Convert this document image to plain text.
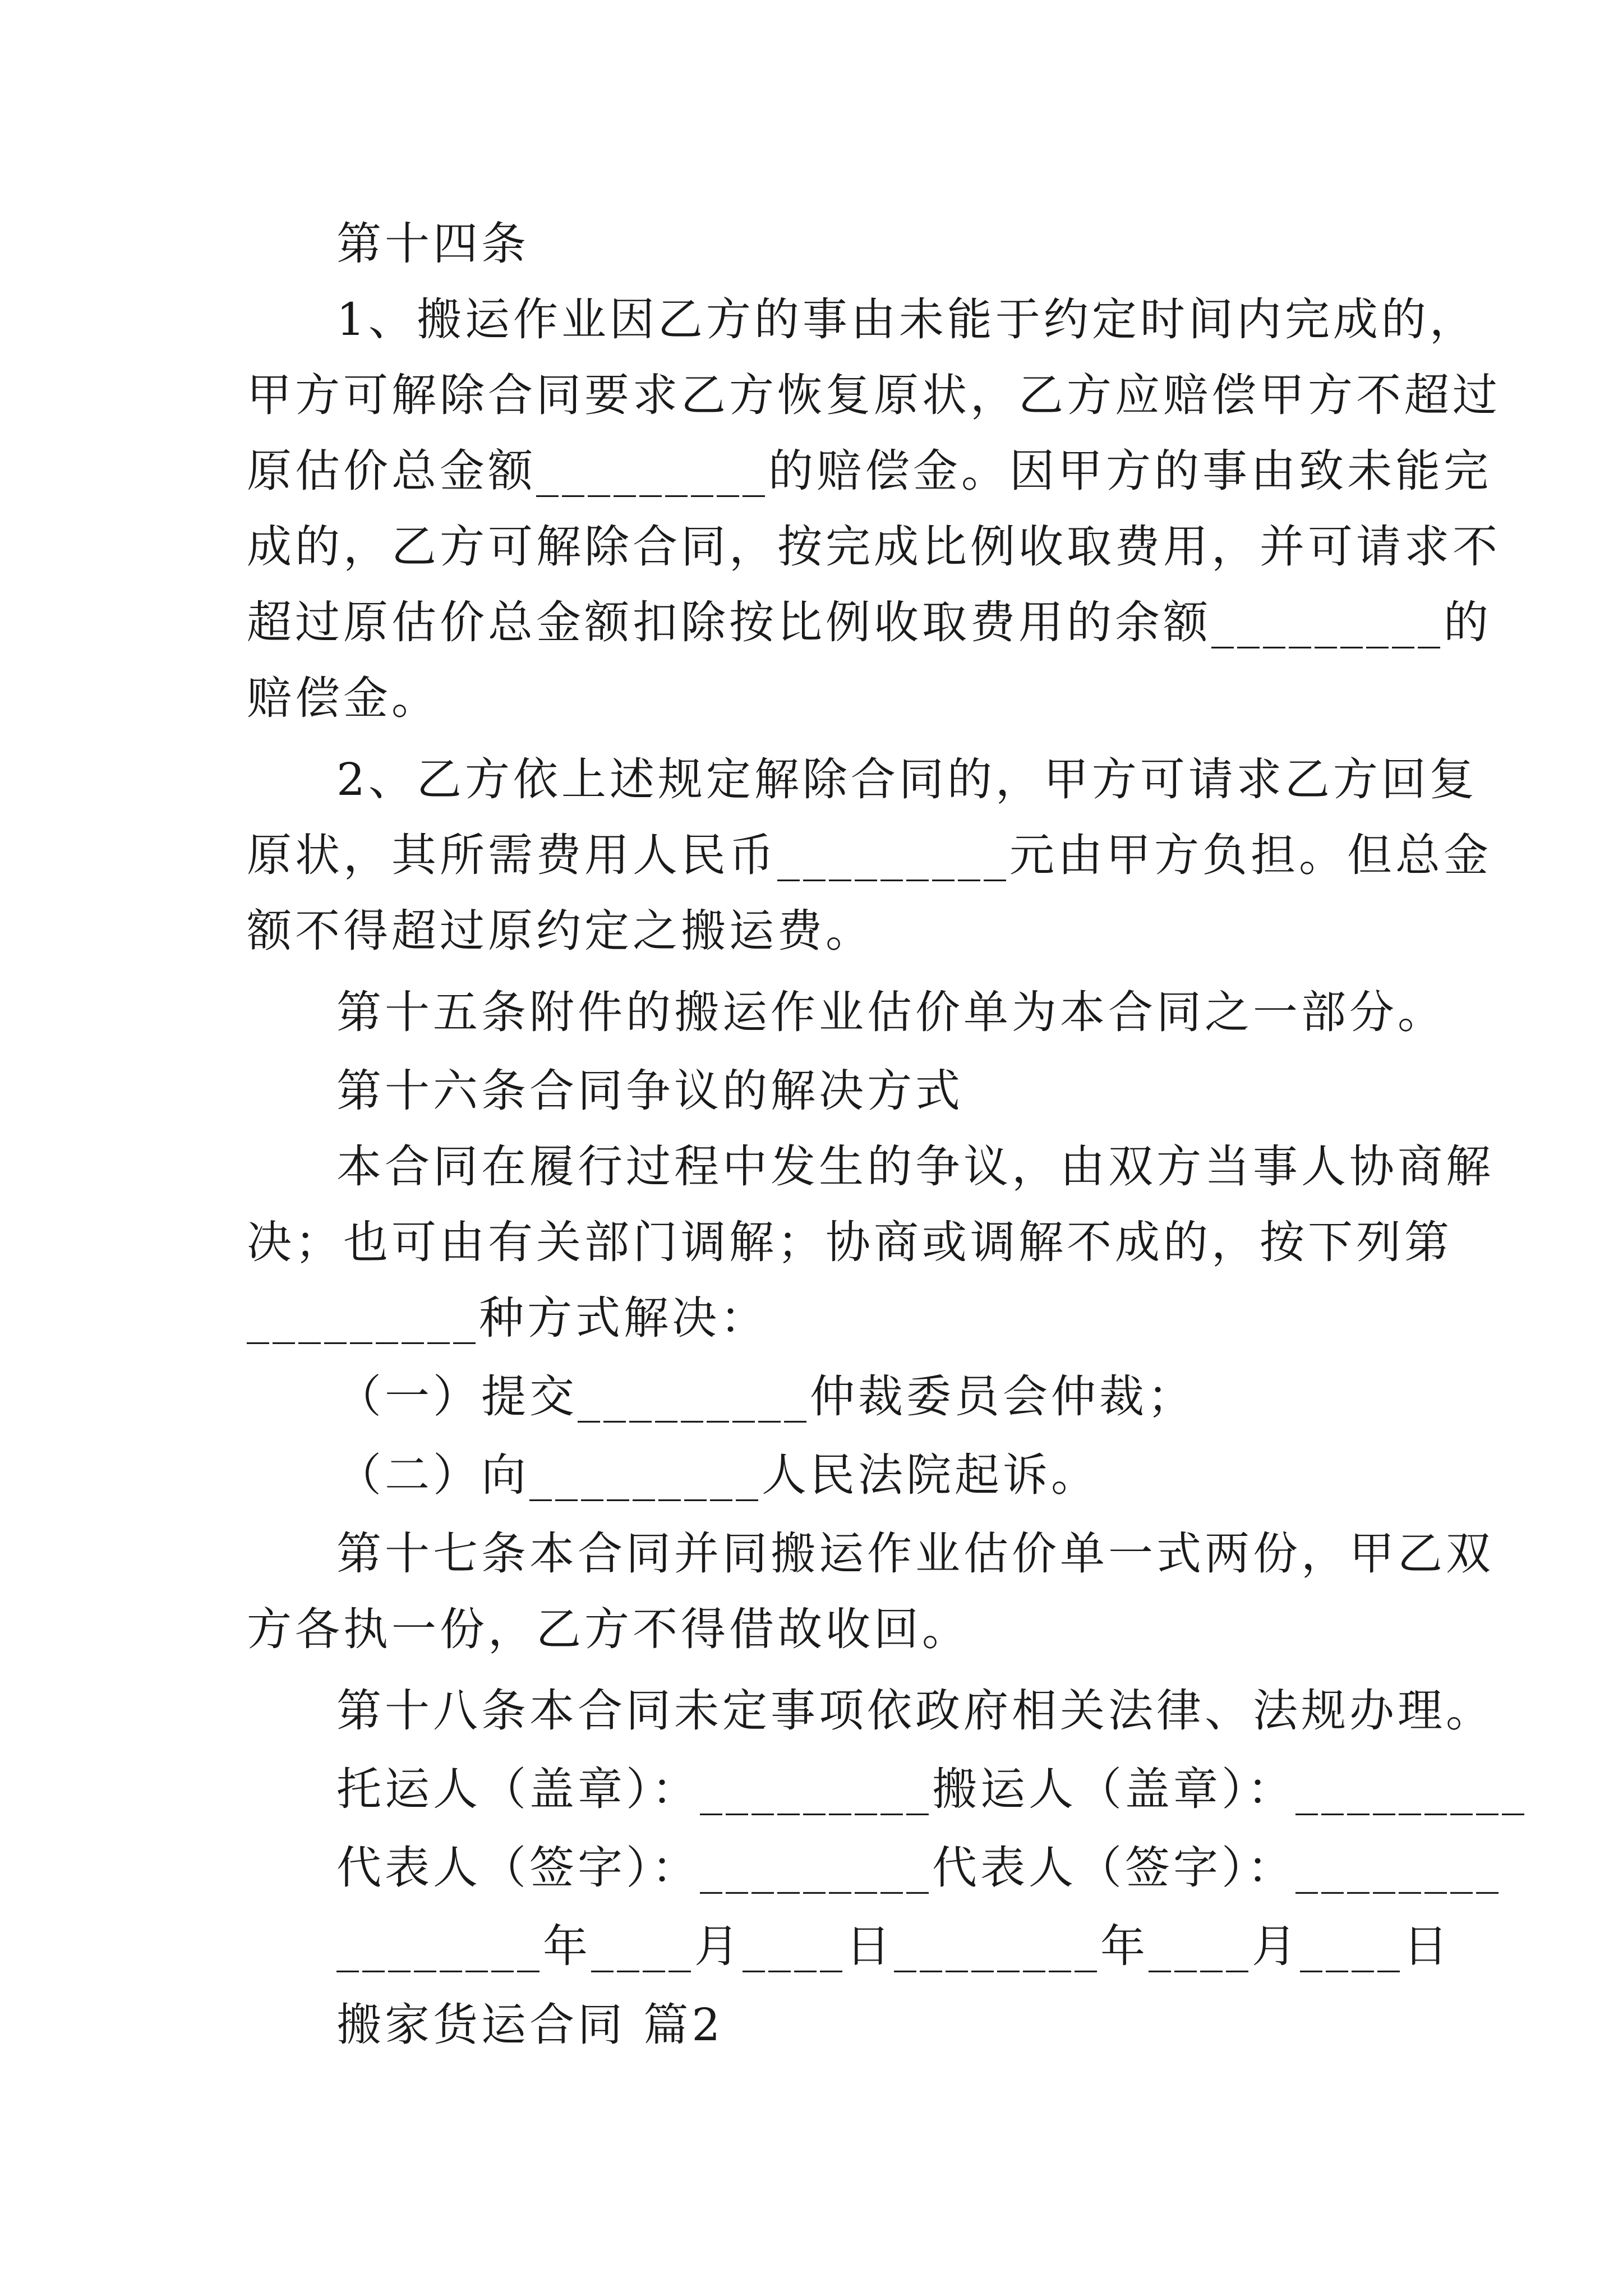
第十四条

1、搬运作业因乙方的事由未能于约定时间内完成的，

甲方可解除合同要求乙方恢复原状，乙方应赔偿甲方不超过

原估价总金额_________的赔偿金。因甲方的事由致未能完

成的，乙方可解除合同，按完成比例收取费用，并可请求不

超过原估价总金额扣除按比例收取费用的余额_________的

赔偿金。

2、乙方依上述规定解除合同的，甲方可请求乙方回复

原状，其所需费用人民币_________元由甲方负担。但总金

额不得超过原约定之搬运费。

第十五条附件的搬运作业估价单为本合同之一部分。

第十六条合同争议的解决方式

本合同在履行过程中发生的争议，由双方当事人协商解

决；也可由有关部门调解；协商或调解不成的，按下列第

_________种方式解决：

（一）提交_________仲裁委员会仲裁；

（二）向_________人民法院起诉。

第十七条本合同并同搬运作业估价单一式两份，甲乙双

方各执一份，乙方不得借故收回。

第十八条本合同未定事项依政府相关法律、法规办理。

托运人（盖章）：_________搬运人（盖章）：_________

代表人（签字）：_________代表人（签字）：________

________年____月____日________年____月____日

搬家货运合同 篇2
